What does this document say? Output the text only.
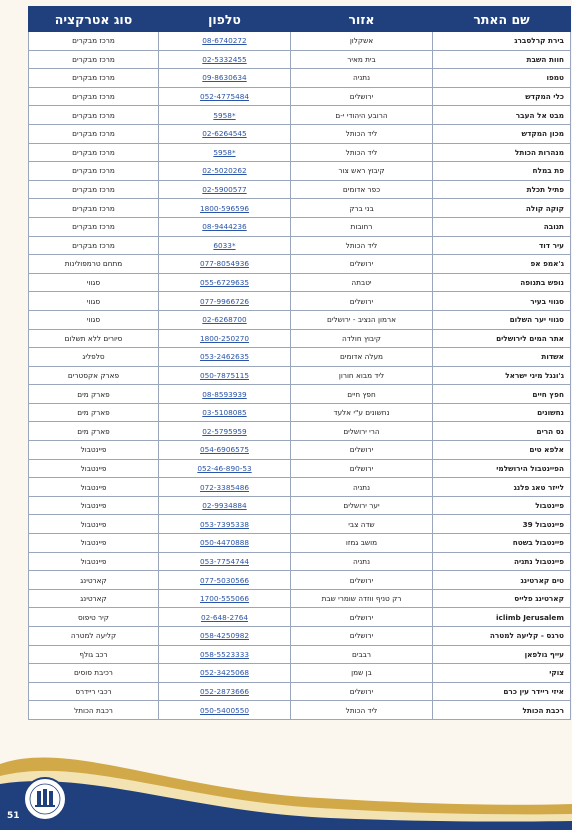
שם האתר	אזור	טלפון	סוג אטרקציה
בירת קרלסברג	אשקלון	08-6740272	מרכז מבקרים
חוות השבת	בית מאיר	02-5332455	מרכז מבקרים
טמפו	נתניה	09-8630634	מרכז מבקרים
כלי המקדש	ירושלים	052-4775484	מרכז מבקרים
מבט אל העבר	הרובע היהודי י-ם	*5958	מרכז מבקרים
מכון המקדש	ליד הכותל	02-6264545	מרכז מבקרים
מנהרות הכותל	ליד הכותל	*5958	מרכז מבקרים
פת במלח	קיבוץ ראש צור	02-5020262	מרכז מבקרים
פתיל תכלת	כפר אדומים	02-5900577	מרכז מבקרים
קוקה קולה	בני ברק	1800-596596	מרכז מבקרים
תנובה	רחובות	08-9444236	מרכז מבקרים
עיר דוד	ליד הכותל	*6033	מרכז מבקרים
ג'אמפ אפ	ירושלים	077-8054936	מתחם טרמפולינות
נופש בתנופה	יטבתה	055-6729635	סגווי
סגווי בעיר	ירושלים	077-9966726	סגווי
סגווי יער השלום	ארמון הנציב - ירושלים	02-6268700	סגווי
אתר המים לירושלים	קיבוץ חולדה	1800-250270	סיורים ללא תשלום
אשדות	מעלה אדומים	053-2462635	סלפליג
ג'ונגל מיני ישראל	ליד מבוא חורון	050-7875115	פארק אקסטרים
חפץ חיים	חפץ חיים	08-8593939	פארק מים
נחשונים	נחשונים ע"י אלעד	03-5108085	פארק מים
נס הרים	הרי ירושלים	02-5795959	פארק מים
אלפא טים	ירושלים	054-6906575	פיינטבול
הפיינטבול הירושלמי	ירושלים	052-46-890-53	פיינטבול
לייזר טאג פלנג	נתניה	072-3385486	פיינטבול
פיינטבול	יער ירושלים	02-9934884	פיינטבול
פיינטבול 39	שדה צבי	053-7395338	פיינטבול
פיינטבול בשטח	מושב גמזו	050-4470888	פיינטבול
פיינטבול נתניה	נתניה	053-7754744	פיינטבול
טים קארטינג	ירושלים	077-5030566	קארטינג
קארטינג פלייס	רק טניף ווזדה שומרי שבת	1700-555066	קארטינג
iclimb Jerusalem	ירושלים	02-648-2764	קיר טיפוס
טרגס - קליעה למטרה	ירושלים	058-4250982	קליעה למטרה
עייף גולפאן	רבבים	058-5523333	רכב גולף
צוקי	בן שמן	052-3425068	רכיבת סוסים
איזי ריידר עין כרם	ירושלים	052-2873666	רכבי ריידרס
רכבת הכותל	ליד הכותל	050-5400550	רכבת הכותל
51
